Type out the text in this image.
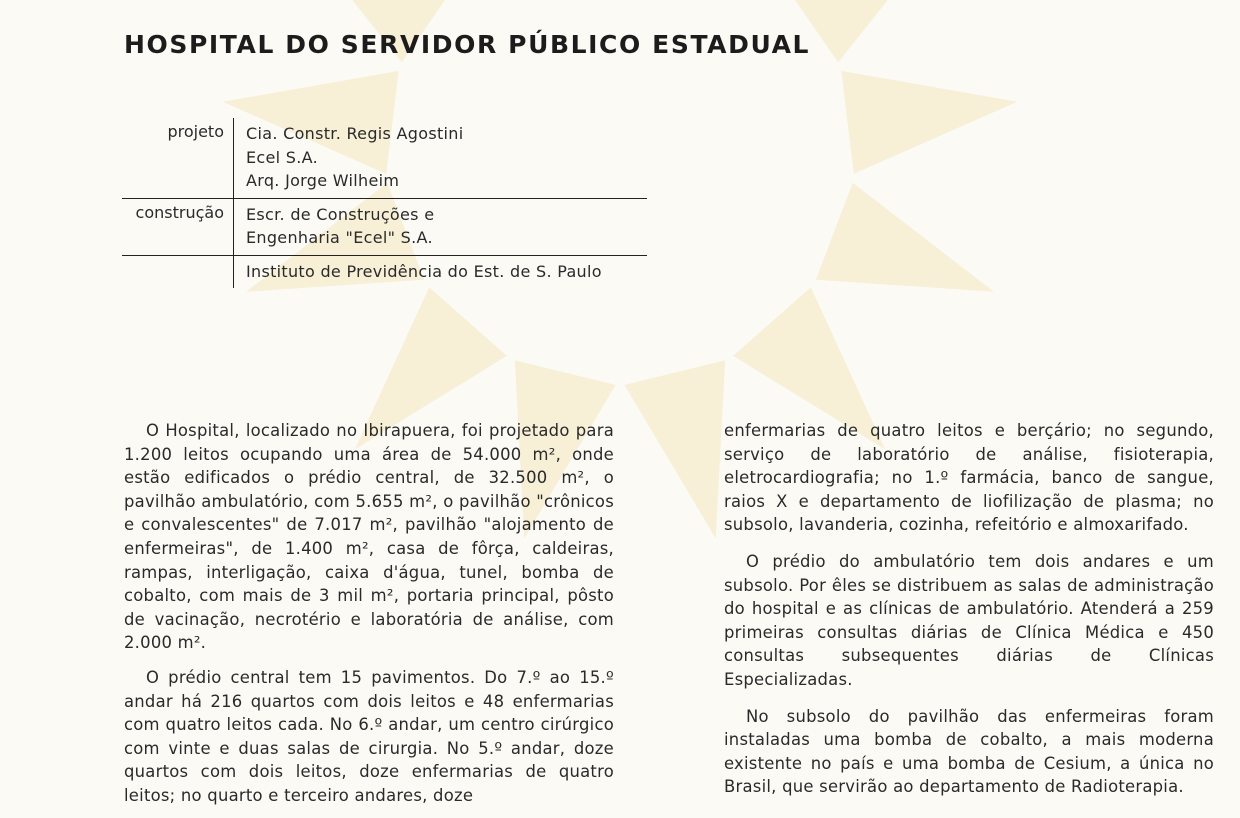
HOSPITAL DO SERVIDOR PÚBLICO ESTADUAL
projeto	Cia. Constr. Regis Agostini
Ecel S.A.
Arq. Jorge Wilheim
construção	Escr. de Construções e
Engenharia "Ecel" S.A.
Instituto de Previdência do Est. de S. Paulo

O Hospital, localizado no Ibirapuera, foi projetado para 1.200 leitos ocupando uma área de 54.000 m², onde estão edificados o prédio central, de 32.500 m², o pavilhão ambulatório, com 5.655 m², o pavilhão "crônicos e convalescentes" de 7.017 m², pavilhão "alojamento de enfermeiras", de 1.400 m², casa de fôrça, caldeiras, rampas, interligação, caixa d'água, tunel, bomba de cobalto, com mais de 3 mil m², portaria principal, pôsto de vacinação, necrotério e laboratória de análise, com 2.000 m².

O prédio central tem 15 pavimentos. Do 7.º ao 15.º andar há 216 quartos com dois leitos e 48 enfermarias com quatro leitos cada. No 6.º andar, um centro cirúrgico com vinte e duas salas de cirurgia. No 5.º andar, doze quartos com dois leitos, doze enfermarias de quatro leitos; no quarto e terceiro andares, doze

enfermarias de quatro leitos e berçário; no segundo, serviço de laboratório de análise, fisioterapia, eletrocardiografia; no 1.º farmácia, banco de sangue, raios X e departamento de liofilização de plasma; no subsolo, lavanderia, cozinha, refeitório e almoxarifado.

O prédio do ambulatório tem dois andares e um subsolo. Por êles se distribuem as salas de administração do hospital e as clínicas de ambulatório. Atenderá a 259 primeiras consultas diárias de Clínica Médica e 450 consultas subsequentes diárias de Clínicas Especializadas.

No subsolo do pavilhão das enfermeiras foram instaladas uma bomba de cobalto, a mais moderna existente no país e uma bomba de Cesium, a única no Brasil, que servirão ao departamento de Radioterapia.
